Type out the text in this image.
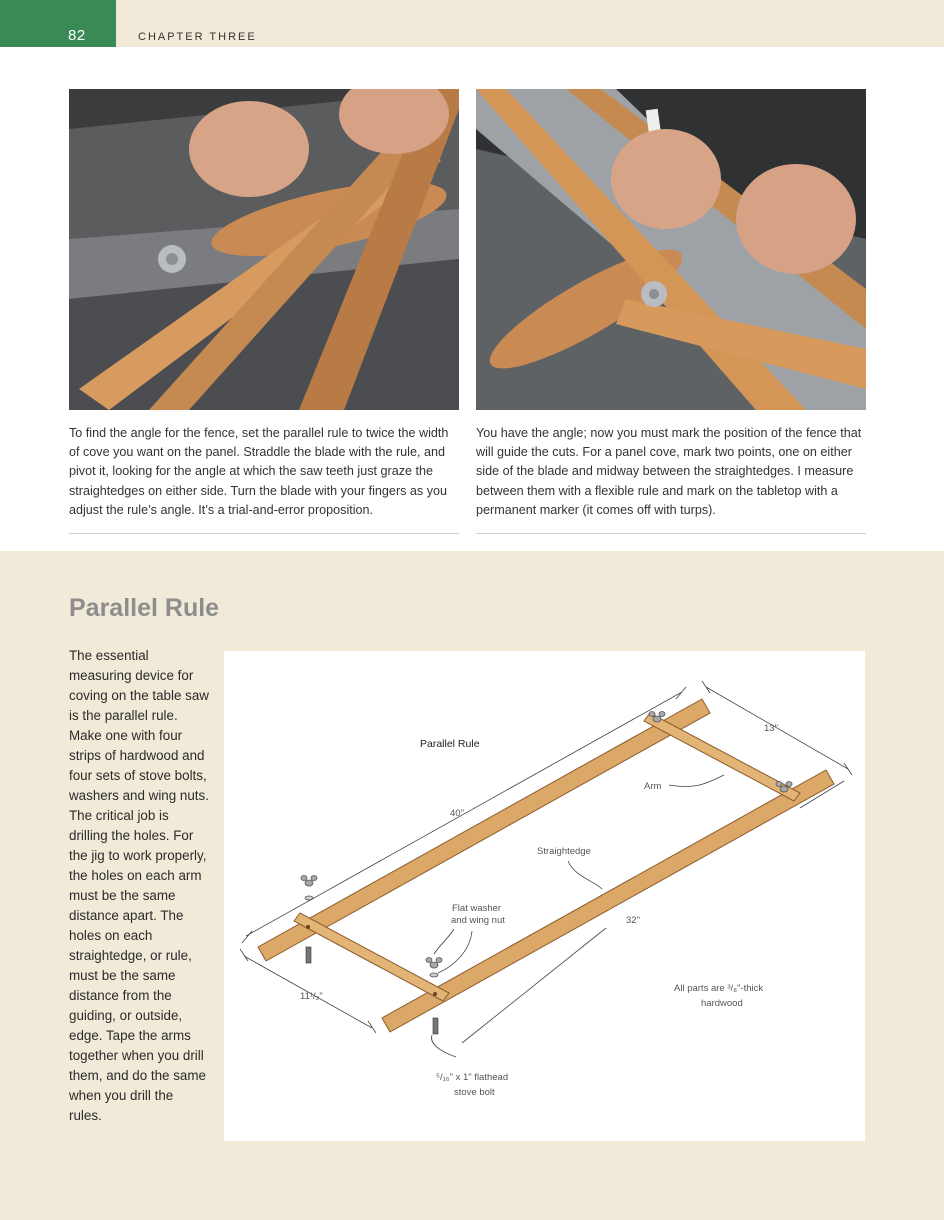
82	CHAPTER THREE
To find the angle for the fence, set the parallel rule to twice the width of cove you want on the panel. Straddle the blade with the rule, and pivot it, looking for the angle at which the saw teeth just graze the straightedges on either side. Turn the blade with your fingers as you adjust the rule’s angle. It’s a trial-and-error proposition.
You have the angle; now you must mark the position of the fence that will guide the cuts. For a panel cove, mark two points, one on either side of the blade and midway between the straightedges. I measure between them with a flexible rule and mark on the tabletop with a permanent marker (it comes off with turps).
Parallel Rule
The essential measuring device for coving on the table saw is the parallel rule. Make one with four strips of hardwood and four sets of stove bolts, washers and wing nuts. The critical job is drilling the holes. For the jig to work properly, the holes on each arm must be the same distance apart. The holes on each straightedge, or rule, must be the same distance from the guiding, or outside, edge. Tape the arms together when you drill them, and do the same when you drill the rules.
Parallel Rule
40"
13"
32"
11¹/₂"
Arm
Straightedge
Flat washer
and wing nut
⁵/₁₆" x 1" flathead
stove bolt
All parts are ³/₈"-thick
hardwood
